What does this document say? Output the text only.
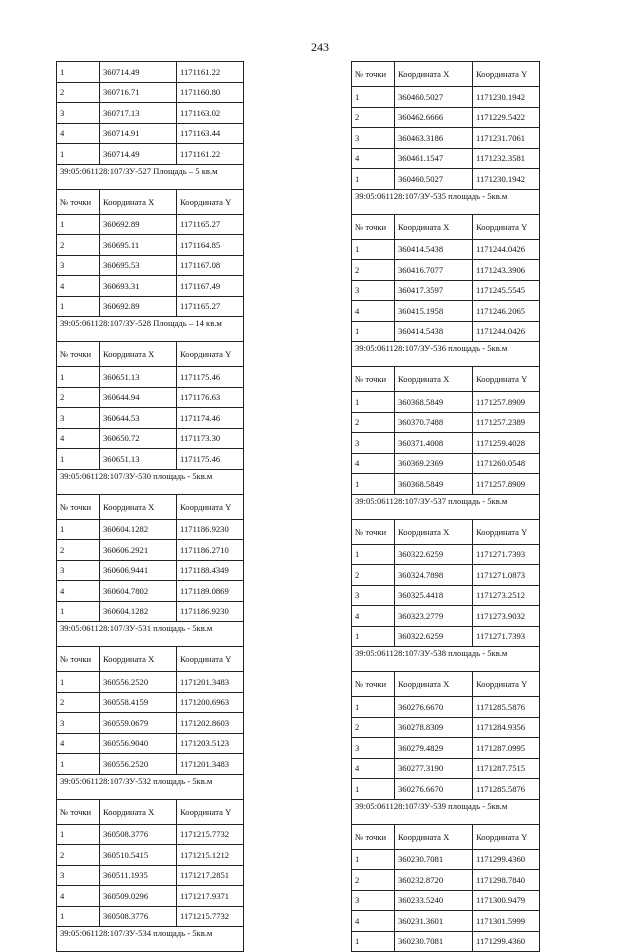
243
1	360714.49	1171161.22
2	360716.71	1171160.80
3	360717.13	1171163.02
4	360714.91	1171163.44
1	360714.49	1171161.22
39:05:061128:107/ЗУ-527 Площадь – 5 кв.м		
№ точки	Координата X	Координата Y
1	360692.89	1171165.27
2	360695.11	1171164.85
3	360695.53	1171167.08
4	360693.31	1171167.49
1	360692.89	1171165.27
39:05:061128:107/ЗУ-528 Площадь – 14 кв.м		
№ точки	Координата X	Координата Y
1	360651.13	1171175.46
2	360644.94	1171176.63
3	360644.53	1171174.46
4	360650.72	1171173.30
1	360651.13	1171175.46
39:05:061128:107/ЗУ-530 площадь - 5кв.м		
№ точки	Координата X	Координата Y
1	360604.1282	1171186.9230
2	360606.2921	1171186.2710
3	360606.9441	1171188.4349
4	360604.7802	1171189.0869
1	360604.1282	1171186.9230
39:05:061128:107/ЗУ-531 площадь - 5кв.м		
№ точки	Координата X	Координата Y
1	360556.2520	1171201.3483
2	360558.4159	1171200.6963
3	360559.0679	1171202.8603
4	360556.9040	1171203.5123
1	360556.2520	1171201.3483
39:05:061128:107/ЗУ-532 площадь - 5кв.м		
№ точки	Координата X	Координата Y
1	360508.3776	1171215.7732
2	360510.5415	1171215.1212
3	360511.1935	1171217.2851
4	360509.0296	1171217.9371
1	360508.3776	1171215.7732
39:05:061128:107/ЗУ-534 площадь - 5кв.м		
№ точки	Координата X	Координата Y
1	360460.5027	1171230.1942
2	360462.6666	1171229.5422
3	360463.3186	1171231.7061
4	360461.1547	1171232.3581
1	360460.5027	1171230.1942
39:05:061128:107/ЗУ-535 площадь - 5кв.м		
№ точки	Координата X	Координата Y
1	360414.5438	1171244.0426
2	360416.7077	1171243.3906
3	360417.3597	1171245.5545
4	360415.1958	1171246.2065
1	360414.5438	1171244.0426
39:05:061128:107/ЗУ-536 площадь - 5кв.м		
№ точки	Координата X	Координата Y
1	360368.5849	1171257.8909
2	360370.7488	1171257.2389
3	360371.4008	1171259.4028
4	360369.2369	1171260.0548
1	360368.5849	1171257.8909
39:05:061128:107/ЗУ-537 площадь - 5кв.м		
№ точки	Координата X	Координата Y
1	360322.6259	1171271.7393
2	360324.7898	1171271.0873
3	360325.4418	1171273.2512
4	360323.2779	1171273.9032
1	360322.6259	1171271.7393
39:05:061128:107/ЗУ-538 площадь - 5кв.м		
№ точки	Координата X	Координата Y
1	360276.6670	1171285.5876
2	360278.8309	1171284.9356
3	360279.4829	1171287.0995
4	360277.3190	1171287.7515
1	360276.6670	1171285.5876
39:05:061128:107/ЗУ-539 площадь - 5кв.м		
№ точки	Координата X	Координата Y
1	360230.7081	1171299.4360
2	360232.8720	1171298.7840
3	360233.5240	1171300.9479
4	360231.3601	1171301.5999
1	360230.7081	1171299.4360
